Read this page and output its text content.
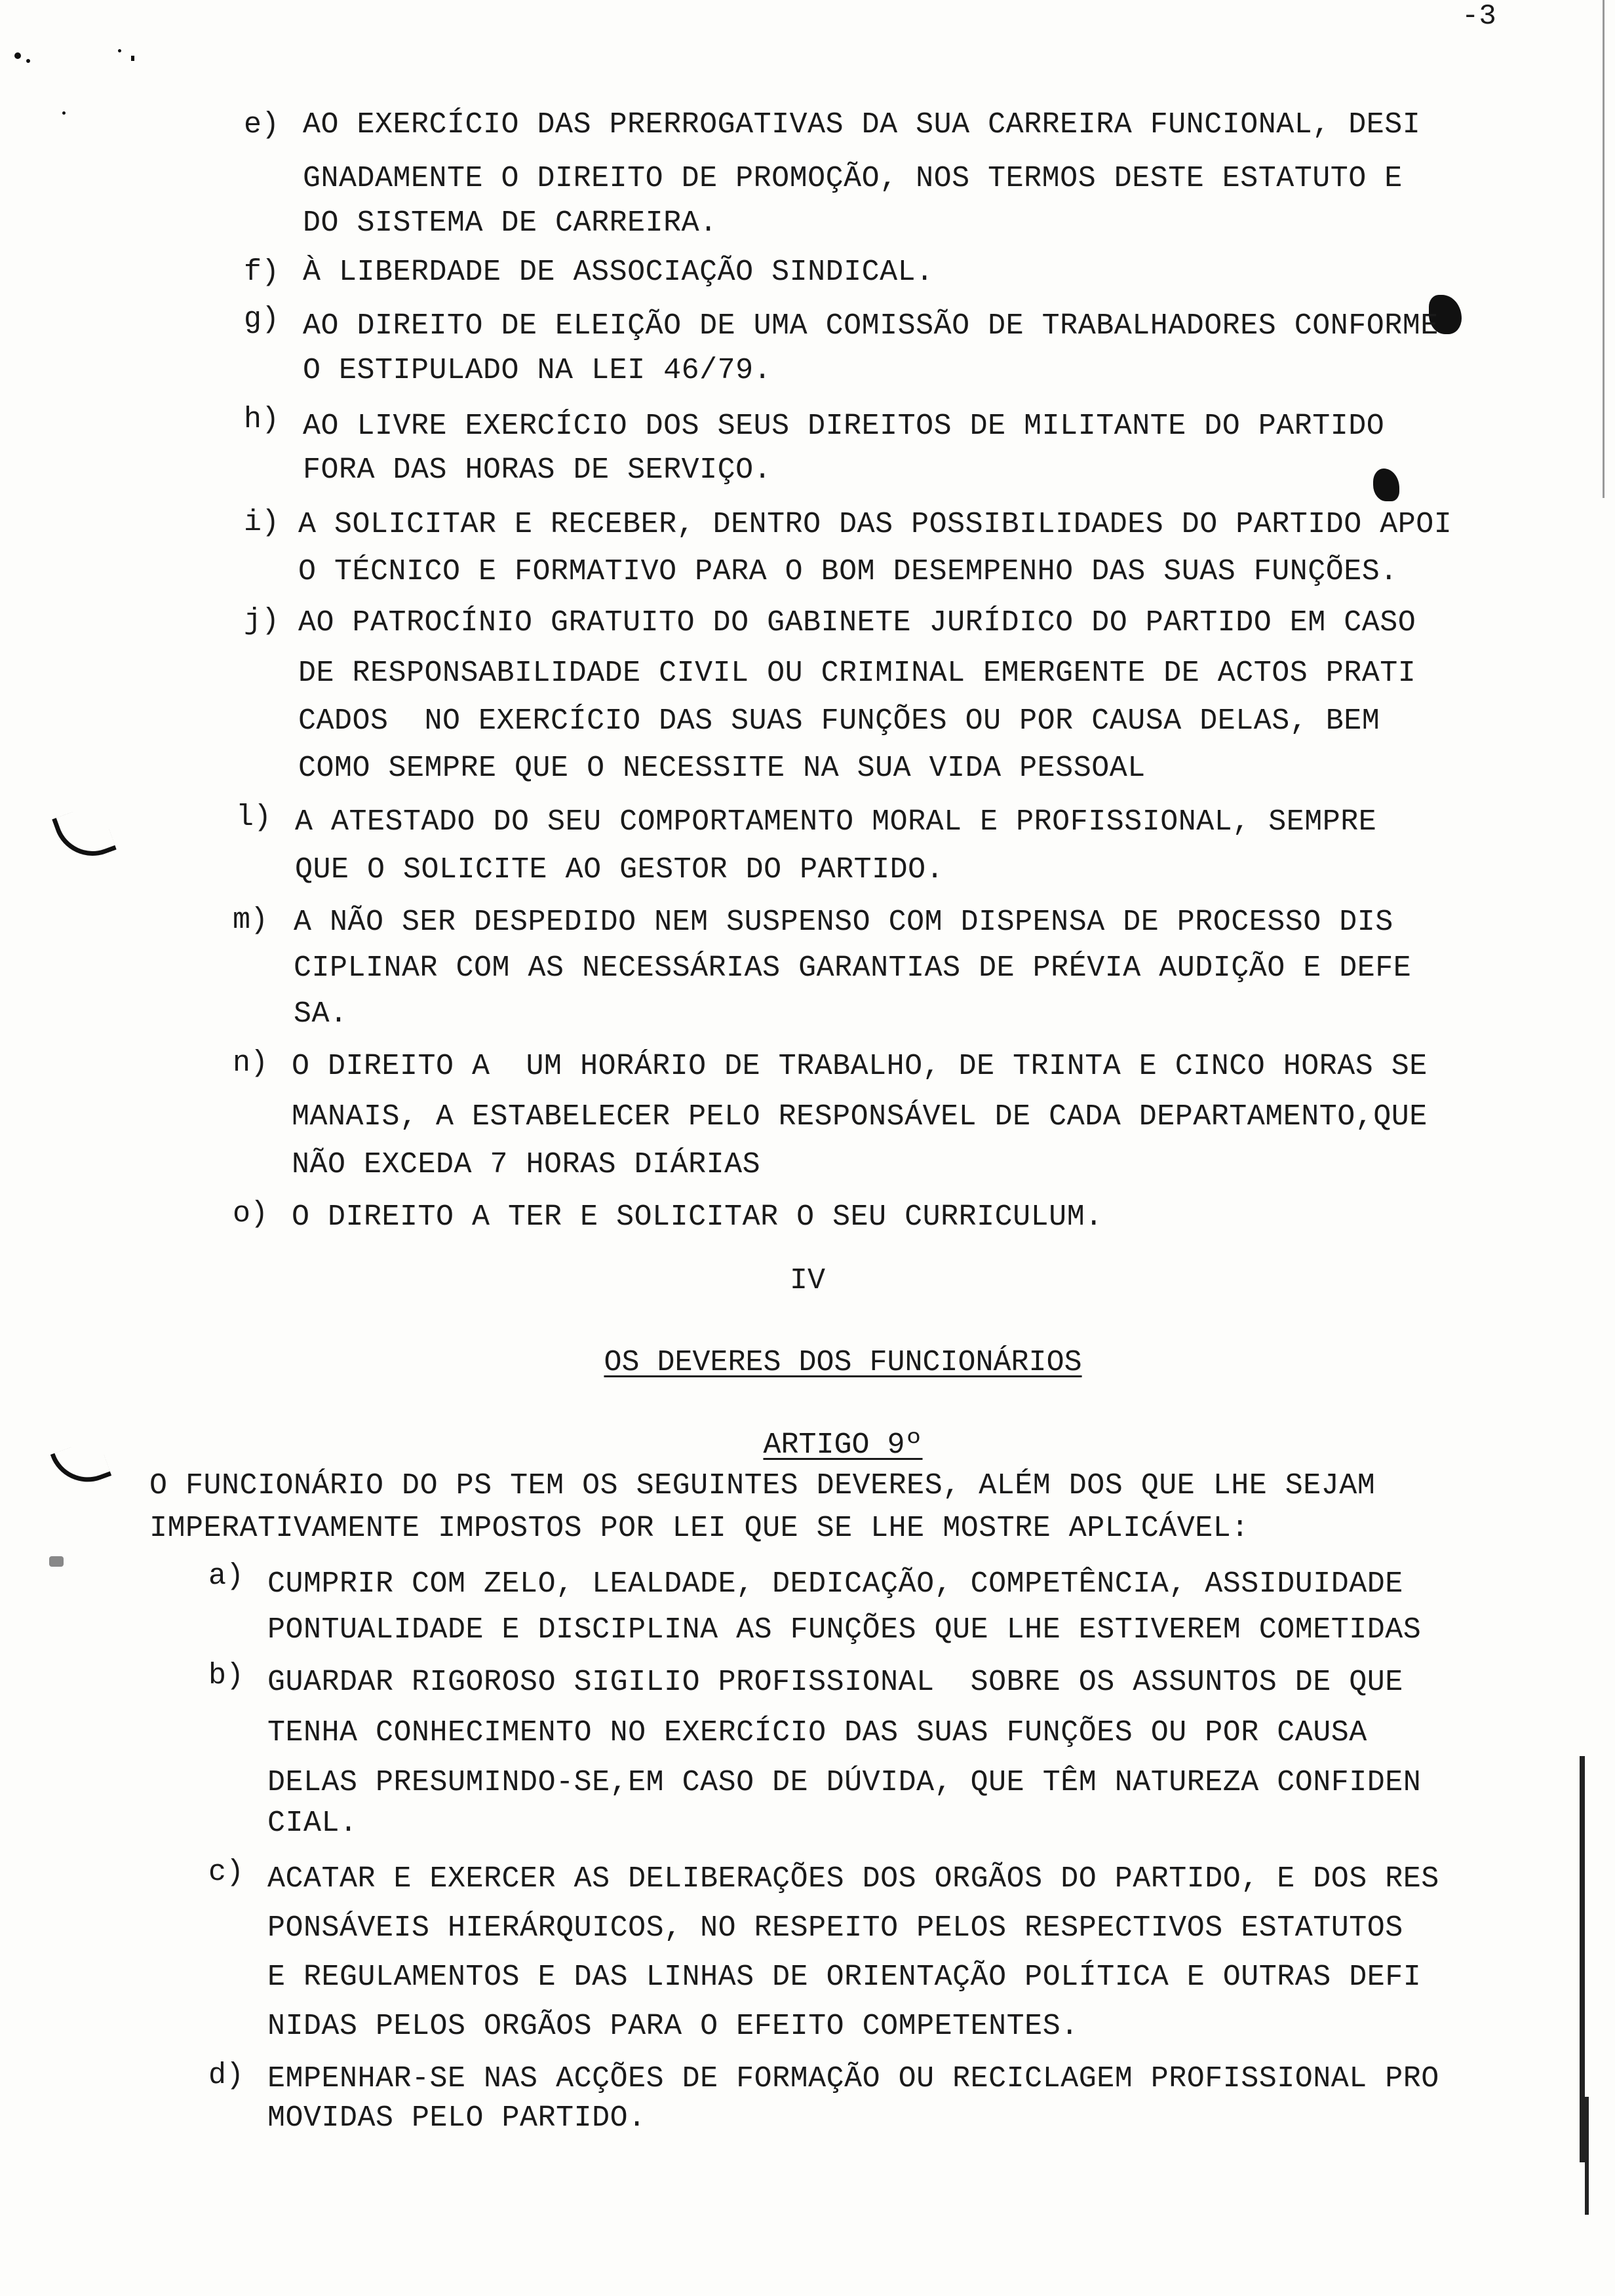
-3
e) AO EXERCÍCIO DAS PRERROGATIVAS DA SUA CARREIRA FUNCIONAL, DESI
GNADAMENTE O DIREITO DE PROMOÇÃO, NOS TERMOS DESTE ESTATUTO E
DO SISTEMA DE CARREIRA.
f) À LIBERDADE DE ASSOCIAÇÃO SINDICAL.
g) AO DIREITO DE ELEIÇÃO DE UMA COMISSÃO DE TRABALHADORES CONFORME
O ESTIPULADO NA LEI 46/79.
h) AO LIVRE EXERCÍCIO DOS SEUS DIREITOS DE MILITANTE DO PARTIDO
FORA DAS HORAS DE SERVIÇO.
i) A SOLICITAR E RECEBER, DENTRO DAS POSSIBILIDADES DO PARTIDO APOI
O TÉCNICO E FORMATIVO PARA O BOM DESEMPENHO DAS SUAS FUNÇÕES.
j) AO PATROCÍNIO GRATUITO DO GABINETE JURÍDICO DO PARTIDO EM CASO
DE RESPONSABILIDADE CIVIL OU CRIMINAL EMERGENTE DE ACTOS PRATI
CADOS  NO EXERCÍCIO DAS SUAS FUNÇÕES OU POR CAUSA DELAS, BEM
COMO SEMPRE QUE O NECESSITE NA SUA VIDA PESSOAL
l) A ATESTADO DO SEU COMPORTAMENTO MORAL E PROFISSIONAL, SEMPRE
QUE O SOLICITE AO GESTOR DO PARTIDO.
m) A NÃO SER DESPEDIDO NEM SUSPENSO COM DISPENSA DE PROCESSO DIS
CIPLINAR COM AS NECESSÁRIAS GARANTIAS DE PRÉVIA AUDIÇÃO E DEFE
SA.
n) O DIREITO A  UM HORÁRIO DE TRABALHO, DE TRINTA E CINCO HORAS SE
MANAIS, A ESTABELECER PELO RESPONSÁVEL DE CADA DEPARTAMENTO,QUE
NÃO EXCEDA 7 HORAS DIÁRIAS
o) O DIREITO A TER E SOLICITAR O SEU CURRICULUM.
IV

OS DEVERES DOS FUNCIONÁRIOS

ARTIGO 9º

O FUNCIONÁRIO DO PS TEM OS SEGUINTES DEVERES, ALÉM DOS QUE LHE SEJAM
IMPERATIVAMENTE IMPOSTOS POR LEI QUE SE LHE MOSTRE APLICÁVEL:
a) CUMPRIR COM ZELO, LEALDADE, DEDICAÇÃO, COMPETÊNCIA, ASSIDUIDADE
PONTUALIDADE E DISCIPLINA AS FUNÇÕES QUE LHE ESTIVEREM COMETIDAS
b) GUARDAR RIGOROSO SIGILIO PROFISSIONAL  SOBRE OS ASSUNTOS DE QUE
TENHA CONHECIMENTO NO EXERCÍCIO DAS SUAS FUNÇÕES OU POR CAUSA
DELAS PRESUMINDO-SE,EM CASO DE DÚVIDA, QUE TÊM NATUREZA CONFIDEN
CIAL.
c) ACATAR E EXERCER AS DELIBERAÇÕES DOS ORGÃOS DO PARTIDO, E DOS RES
PONSÁVEIS HIERÁRQUICOS, NO RESPEITO PELOS RESPECTIVOS ESTATUTOS
E REGULAMENTOS E DAS LINHAS DE ORIENTAÇÃO POLÍTICA E OUTRAS DEFI
NIDAS PELOS ORGÃOS PARA O EFEITO COMPETENTES.
d) EMPENHAR-SE NAS ACÇÕES DE FORMAÇÃO OU RECICLAGEM PROFISSIONAL PRO
MOVIDAS PELO PARTIDO.
